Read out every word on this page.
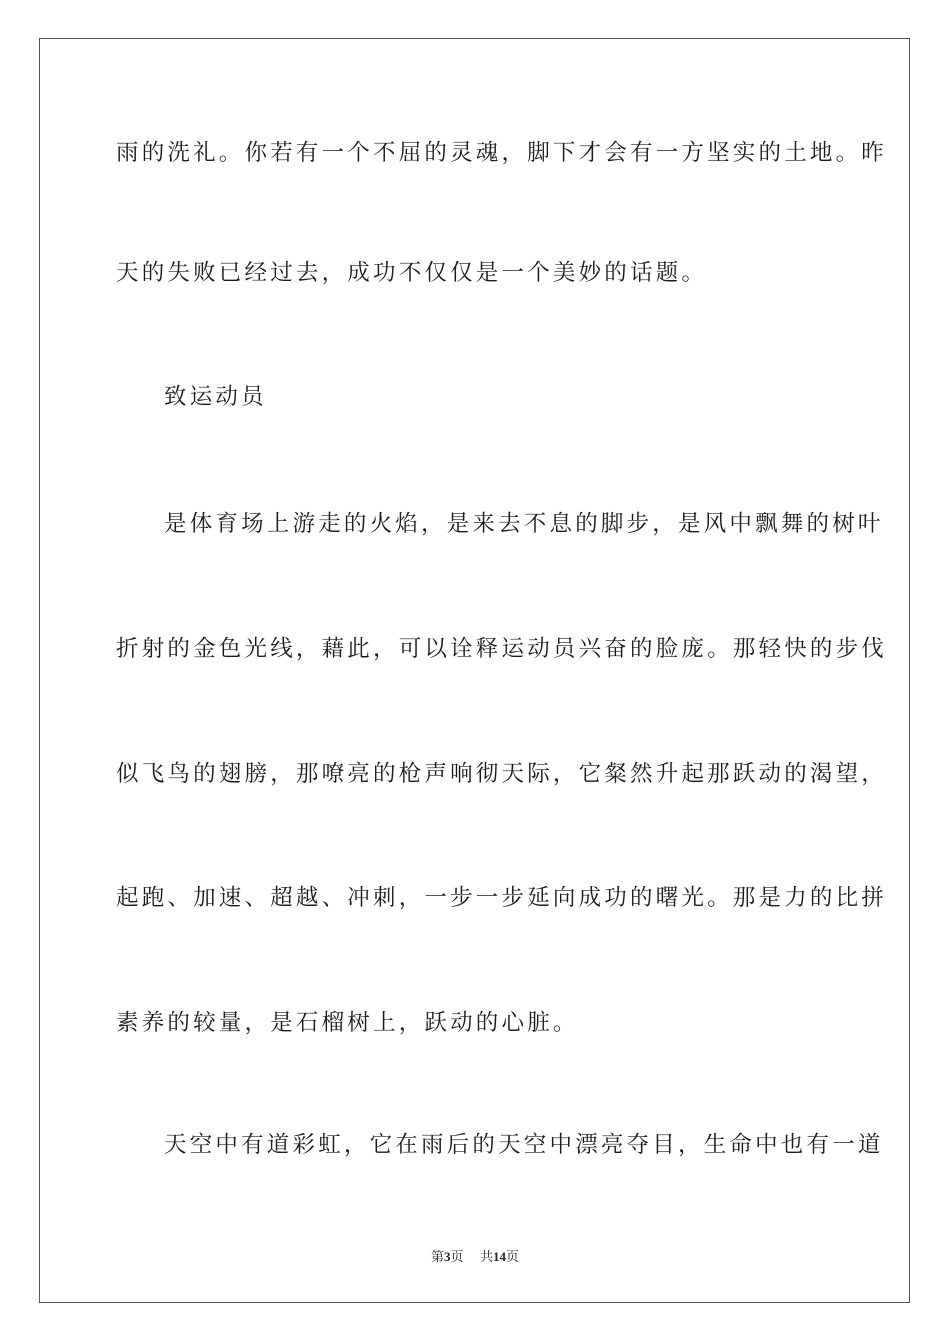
雨的洗礼。你若有一个不屈的灵魂，脚下才会有一方坚实的土地。昨
天的失败已经过去，成功不仅仅是一个美妙的话题。
致运动员
是体育场上游走的火焰，是来去不息的脚步，是风中飘舞的树叶
折射的金色光线，藉此，可以诠释运动员兴奋的脸庞。那轻快的步伐
似飞鸟的翅膀，那嘹亮的枪声响彻天际，它粲然升起那跃动的渴望，
起跑、加速、超越、冲刺，一步一步延向成功的曙光。那是力的比拼
素养的较量，是石榴树上，跃动的心脏。
天空中有道彩虹，它在雨后的天空中漂亮夺目，生命中也有一道
第3页 共14页
